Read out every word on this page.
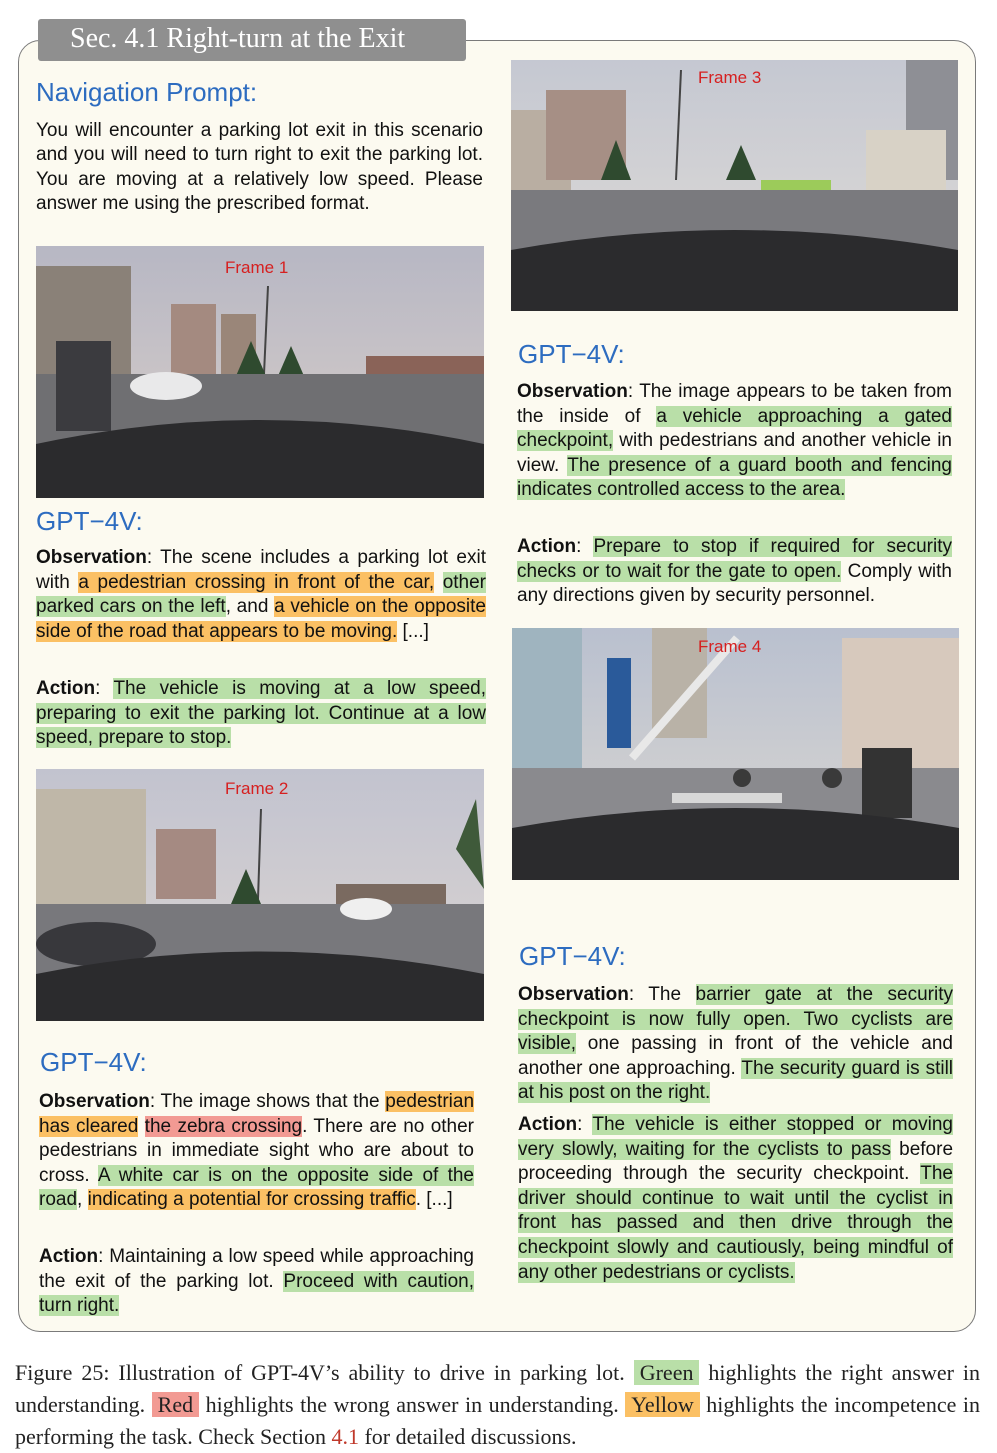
Sec. 4.1 Right-turn at the Exit
Navigation Prompt:
You will encounter a parking lot exit in this scenario and you will need to turn right to exit the parking lot. You are moving at a relatively low speed. Please answer me using the prescribed format.
Frame 1
GPT−4V:
Observation: The scene includes a parking lot exit with a pedestrian crossing in front of the car, other parked cars on the left, and a vehicle on the opposite side of the road that appears to be moving. [...]
Action: The vehicle is moving at a low speed, preparing to exit the parking lot. Continue at a low speed, prepare to stop.
Frame 2
GPT−4V:
Observation: The image shows that the pedestrian has cleared the zebra crossing. There are no other pedestrians in immediate sight who are about to cross. A white car is on the opposite side of the road, indicating a potential for crossing traffic. [...]
Action: Maintaining a low speed while approaching the exit of the parking lot. Proceed with caution, turn right.
Frame 3
GPT−4V:
Observation: The image appears to be taken from the inside of a vehicle approaching a gated checkpoint, with pedestrians and another vehicle in view. The presence of a guard booth and fencing indicates controlled access to the area.
Action: Prepare to stop if required for security checks or to wait for the gate to open. Comply with any directions given by security personnel.
Frame 4
GPT−4V:
Observation: The barrier gate at the security checkpoint is now fully open. Two cyclists are visible, one passing in front of the vehicle and another one approaching. The security guard is still at his post on the right.
Action: The vehicle is either stopped or moving very slowly, waiting for the cyclists to pass before proceeding through the security checkpoint. The driver should continue to wait until the cyclist in front has passed and then drive through the checkpoint slowly and cautiously, being mindful of any other pedestrians or cyclists.
Figure 25: Illustration of GPT-4V’s ability to drive in parking lot. Green highlights the right answer in understanding. Red highlights the wrong answer in understanding. Yellow highlights the incompetence in performing the task. Check Section 4.1 for detailed discussions.
